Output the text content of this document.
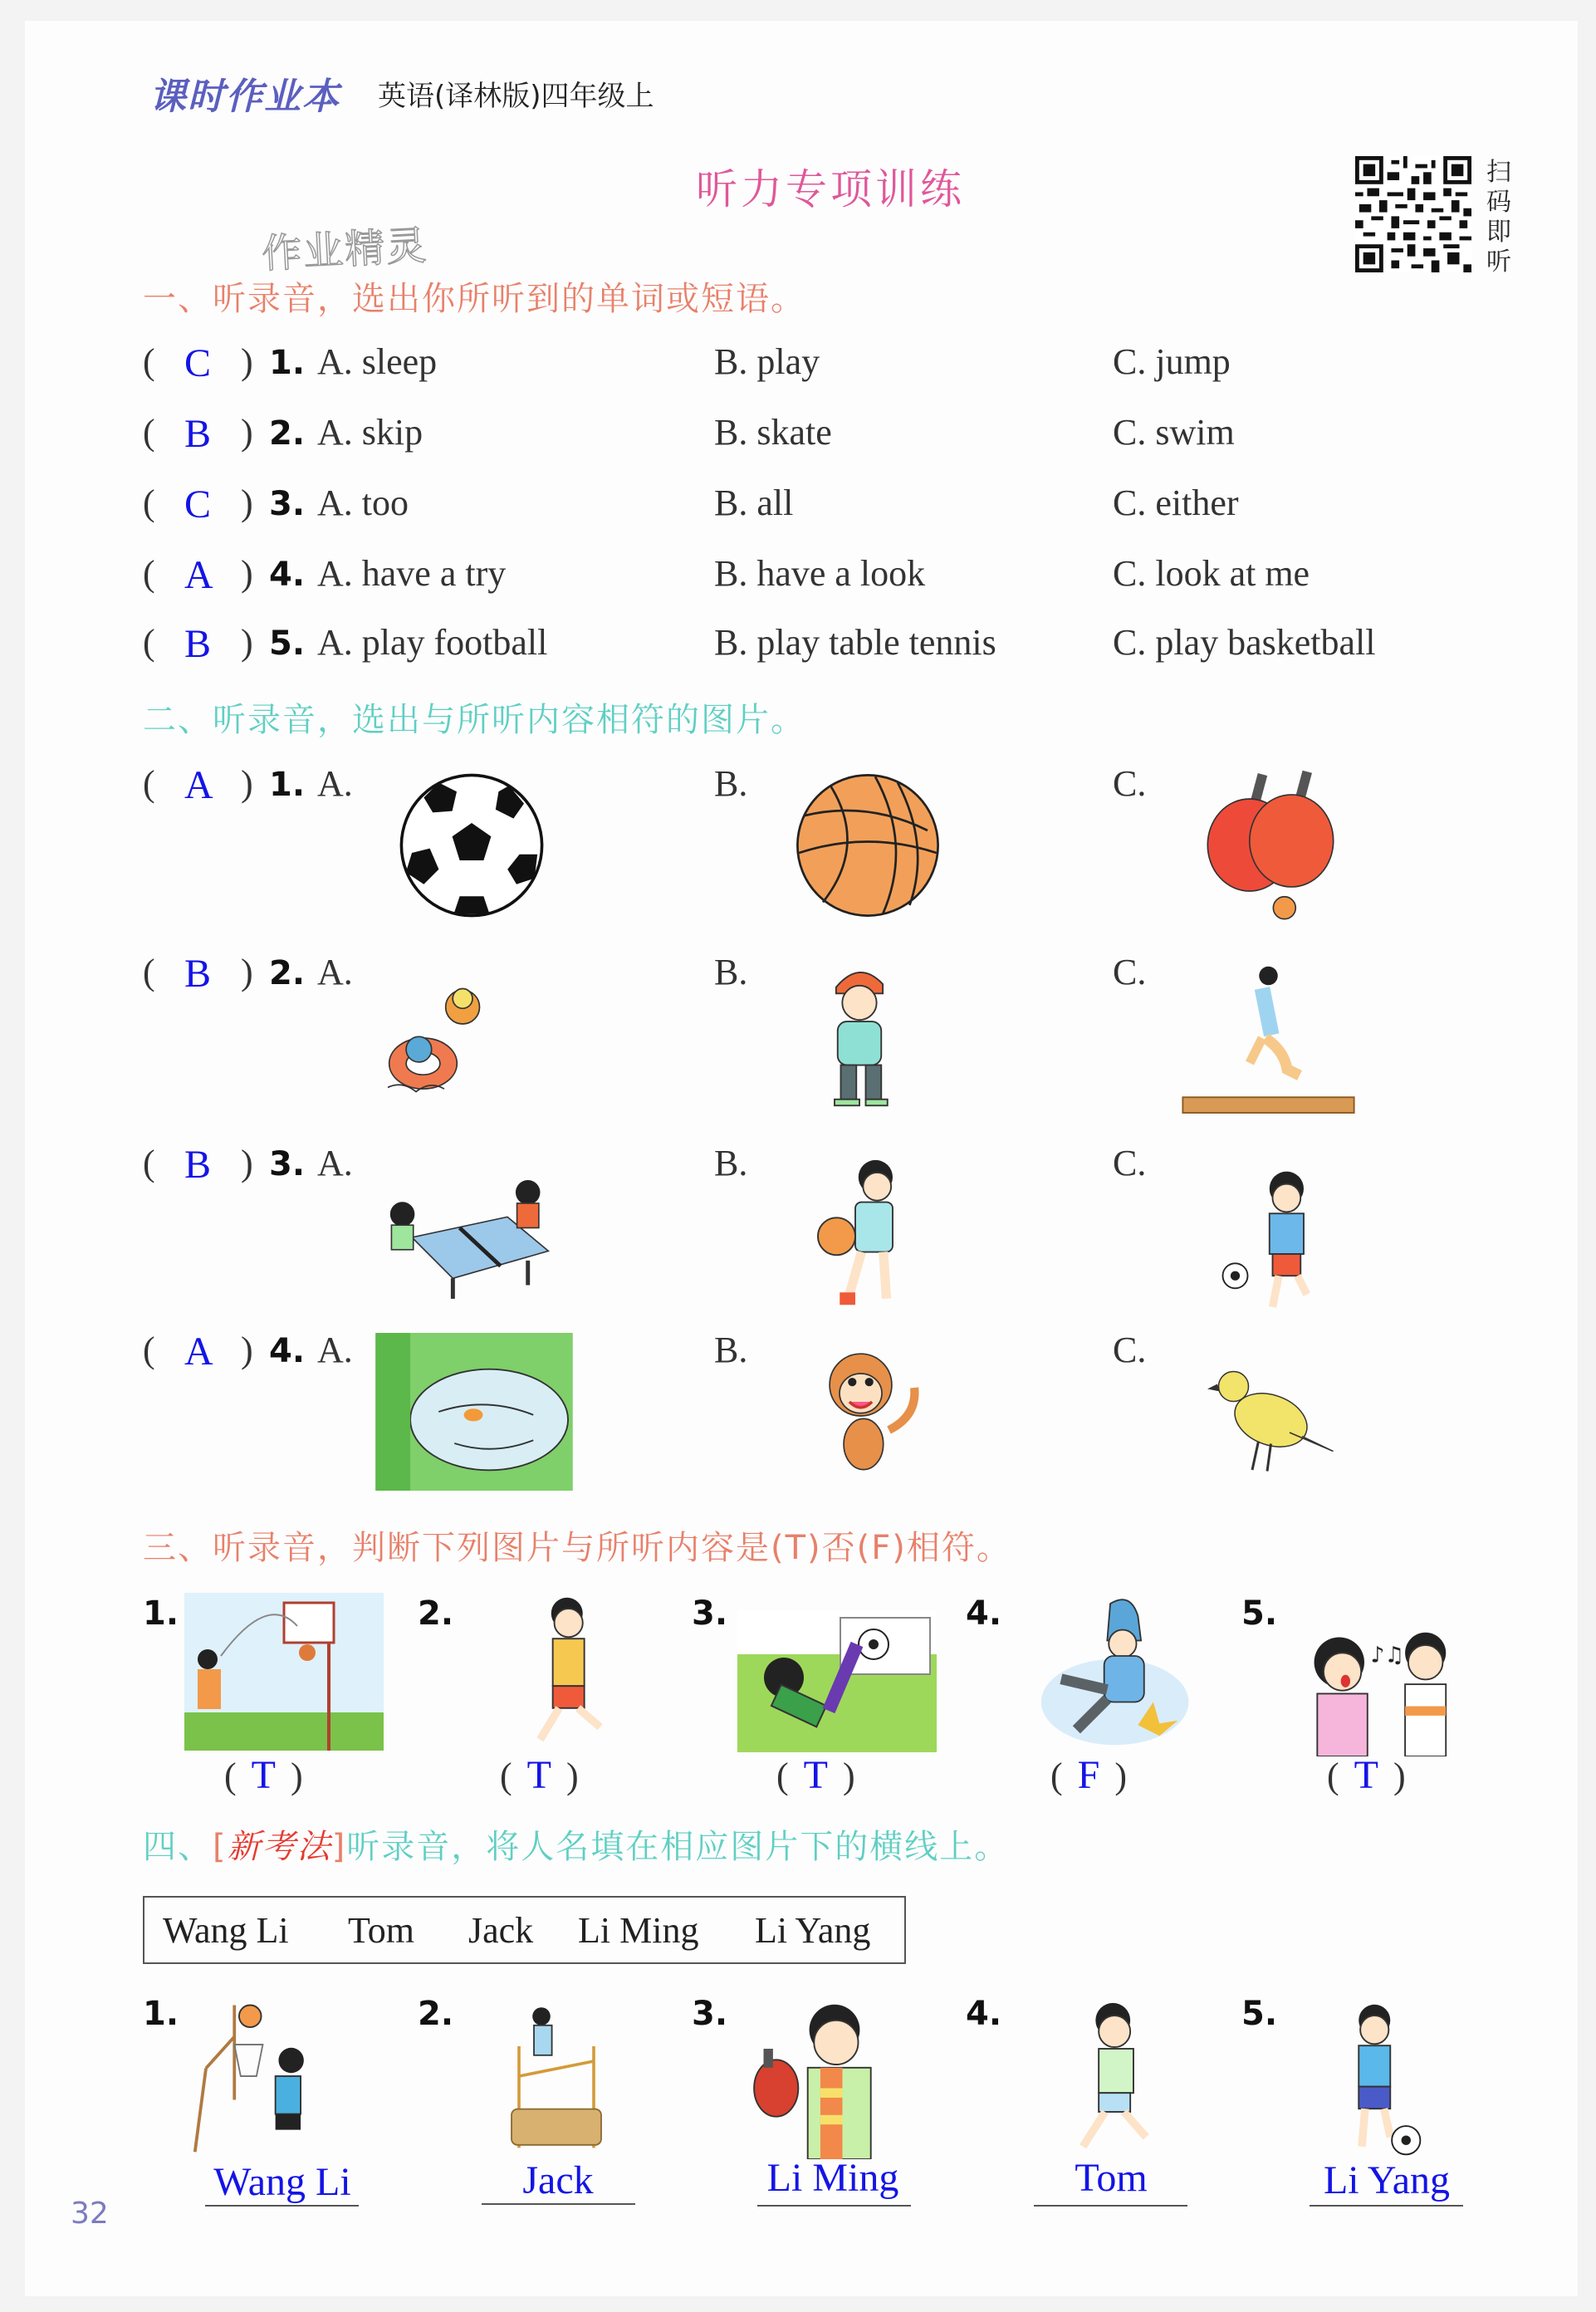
课时作业本 英语(译林版)四年级上
听力专项训练	扫码即听
作业精灵
一、听录音，选出你所听到的单词或短语。
( C ) 1. A. sleep	B. play	C. jump
( B ) 2. A. skip	B. skate	C. swim
( C ) 3. A. too	B. all	C. either
( A ) 4. A. have a try	B. have a look	C. look at me
( B ) 5. A. play football	B. play table tennis	C. play basketball
二、听录音，选出与所听内容相符的图片。
( A ) 1. A.	B.	C.
( B ) 2. A.	B.	C.
( B ) 3. A.	B.	C.
( A ) 4. A.	B.	C.
三、听录音，判断下列图片与所听内容是(T)否(F)相符。
1.
( T )
2.
( T )
3.
( T )
4.
( F )
5.
♪♫
( T )
四、[新考法]听录音，将人名填在相应图片下的横线上。
Wang Li Tom Jack Li Ming Li Yang
1.
Wang Li
2.
Jack
3.
Li Ming
4.
Tom
5.
Li Yang
32
